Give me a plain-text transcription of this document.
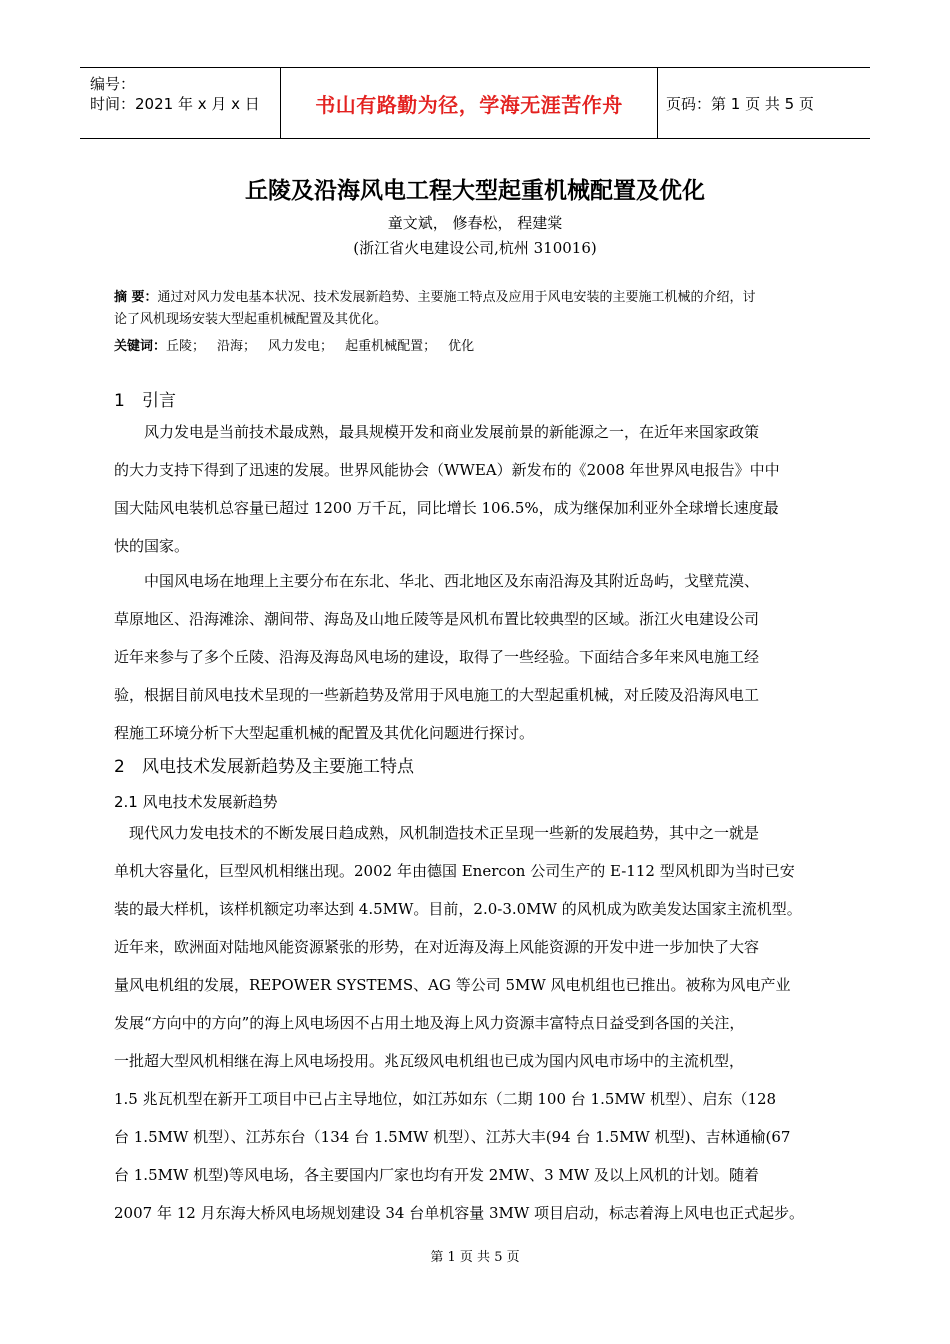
编号：
时间：2021 年 x 月 x 日	书山有路勤为径，学海无涯苦作舟	页码：第 1 页 共 5 页
丘陵及沿海风电工程大型起重机械配置及优化
童文斌， 修春松， 程建棠
(浙江省火电建设公司,杭州 310016)
摘 要：通过对风力发电基本状况、技术发展新趋势、主要施工特点及应用于风电安装的主要施工机械的介绍，讨
论了风机现场安装大型起重机械配置及其优化。
关键词：丘陵； 沿海； 风力发电； 起重机械配置； 优化
1 引言
风力发电是当前技术最成熟，最具规模开发和商业发展前景的新能源之一，在近年来国家政策
的大力支持下得到了迅速的发展。世界风能协会（WWEA）新发布的《2008 年世界风电报告》中中
国大陆风电装机总容量已超过 1200 万千瓦，同比增长 106.5%，成为继保加利亚外全球增长速度最
快的国家。
中国风电场在地理上主要分布在东北、华北、西北地区及东南沿海及其附近岛屿，戈壁荒漠、
草原地区、沿海滩涂、潮间带、海岛及山地丘陵等是风机布置比较典型的区域。浙江火电建设公司
近年来参与了多个丘陵、沿海及海岛风电场的建设，取得了一些经验。下面结合多年来风电施工经
验，根据目前风电技术呈现的一些新趋势及常用于风电施工的大型起重机械，对丘陵及沿海风电工
程施工环境分析下大型起重机械的配置及其优化问题进行探讨。
2 风电技术发展新趋势及主要施工特点
2.1 风电技术发展新趋势
现代风力发电技术的不断发展日趋成熟，风机制造技术正呈现一些新的发展趋势，其中之一就是
单机大容量化，巨型风机相继出现。2002 年由德国 Enercon 公司生产的 E-112 型风机即为当时已安
装的最大样机，该样机额定功率达到 4.5MW。目前，2.0-3.0MW 的风机成为欧美发达国家主流机型。
近年来，欧洲面对陆地风能资源紧张的形势，在对近海及海上风能资源的开发中进一步加快了大容
量风电机组的发展，REPOWER SYSTEMS、AG 等公司 5MW 风电机组也已推出。被称为风电产业
发展“方向中的方向”的海上风电场因不占用土地及海上风力资源丰富特点日益受到各国的关注，
一批超大型风机相继在海上风电场投用。兆瓦级风电机组也已成为国内风电市场中的主流机型，
1.5 兆瓦机型在新开工项目中已占主导地位，如江苏如东（二期 100 台 1.5MW 机型）、启东（128
台 1.5MW 机型）、江苏东台（134 台 1.5MW 机型）、江苏大丰(94 台 1.5MW 机型)、吉林通榆(67
台 1.5MW 机型)等风电场，各主要国内厂家也均有开发 2MW、3 MW 及以上风机的计划。随着
2007 年 12 月东海大桥风电场规划建设 34 台单机容量 3MW 项目启动，标志着海上风电也正式起步。
第 1 页 共 5 页
